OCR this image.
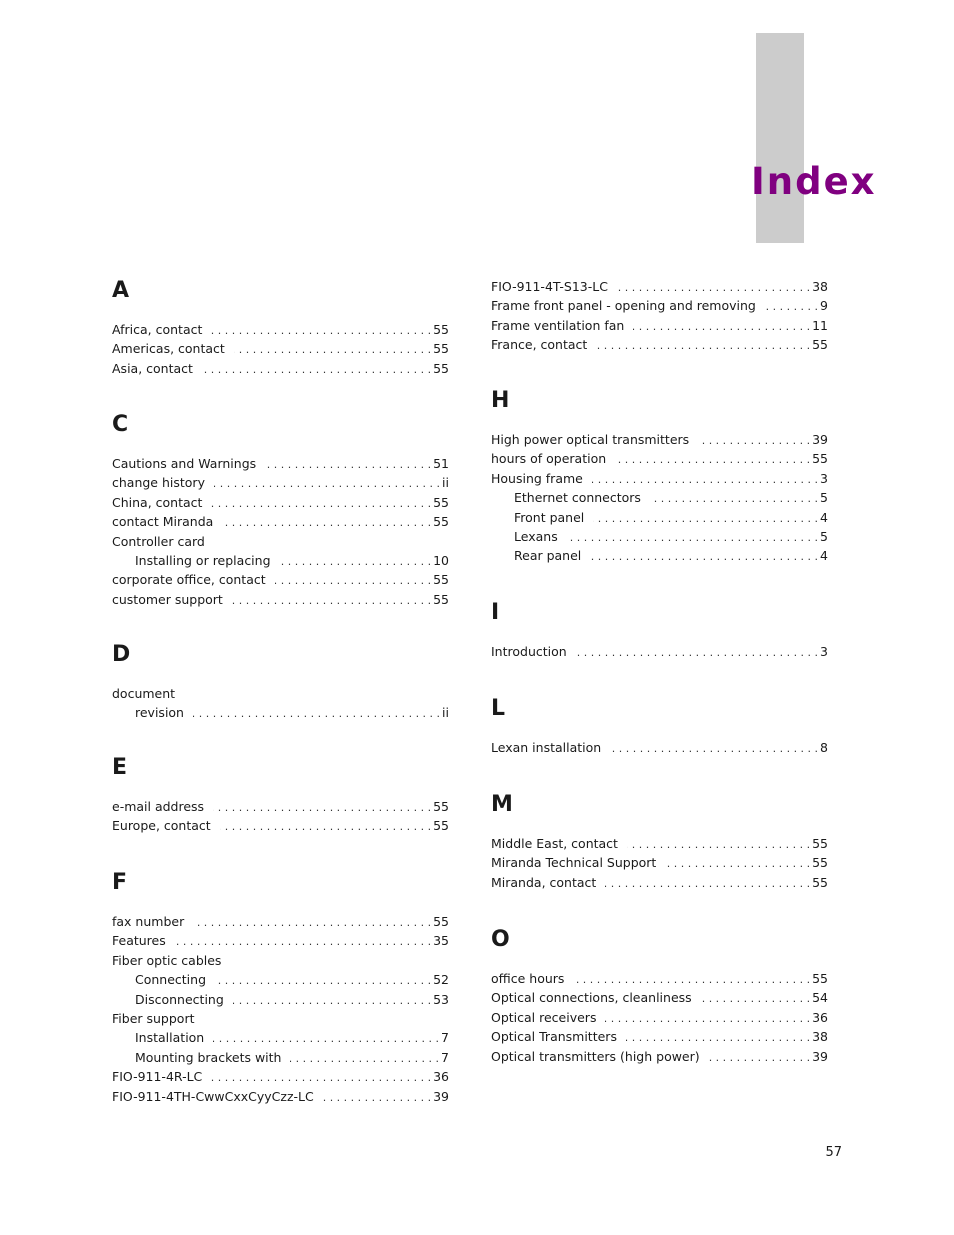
Index
A
Africa, contact . . .	55
Americas, contact . . .	55
Asia, contact . . .	55
C
Cautions and Warnings . . .	51
change history . . .	ii
China, contact . . .	55
contact Miranda . . .	55
Controller card
Installing or replacing . . .	10
corporate office, contact . . .	55
customer support . . .	55
D
document
revision . . .	ii
E
e-mail address . . .	55
Europe, contact . . .	55
F
fax number . . .	55
Features . . .	35
Fiber optic cables
Connecting . . .	52
Disconnecting . . .	53
Fiber support
Installation . . .	7
Mounting brackets with . . .	7
FIO-911-4R-LC . . .	36
FIO-911-4TH-CwwCxxCyyCzz-LC . . .	39
FIO-911-4T-S13-LC . . .	38
Frame front panel - opening and removing . . .	9
Frame ventilation fan . . .	11
France, contact . . .	55
H
High power optical transmitters . . .	39
hours of operation . . .	55
Housing frame . . .	3
Ethernet connectors . . .	5
Front panel . . .	4
Lexans . . .	5
Rear panel . . .	4
I
Introduction . . .	3
L
Lexan installation . . .	8
M
Middle East, contact . . .	55
Miranda Technical Support . . .	55
Miranda, contact . . .	55
O
office hours . . .	55
Optical connections, cleanliness . . .	54
Optical receivers . . .	36
Optical Transmitters . . .	38
Optical transmitters (high power) . . .	39
57
